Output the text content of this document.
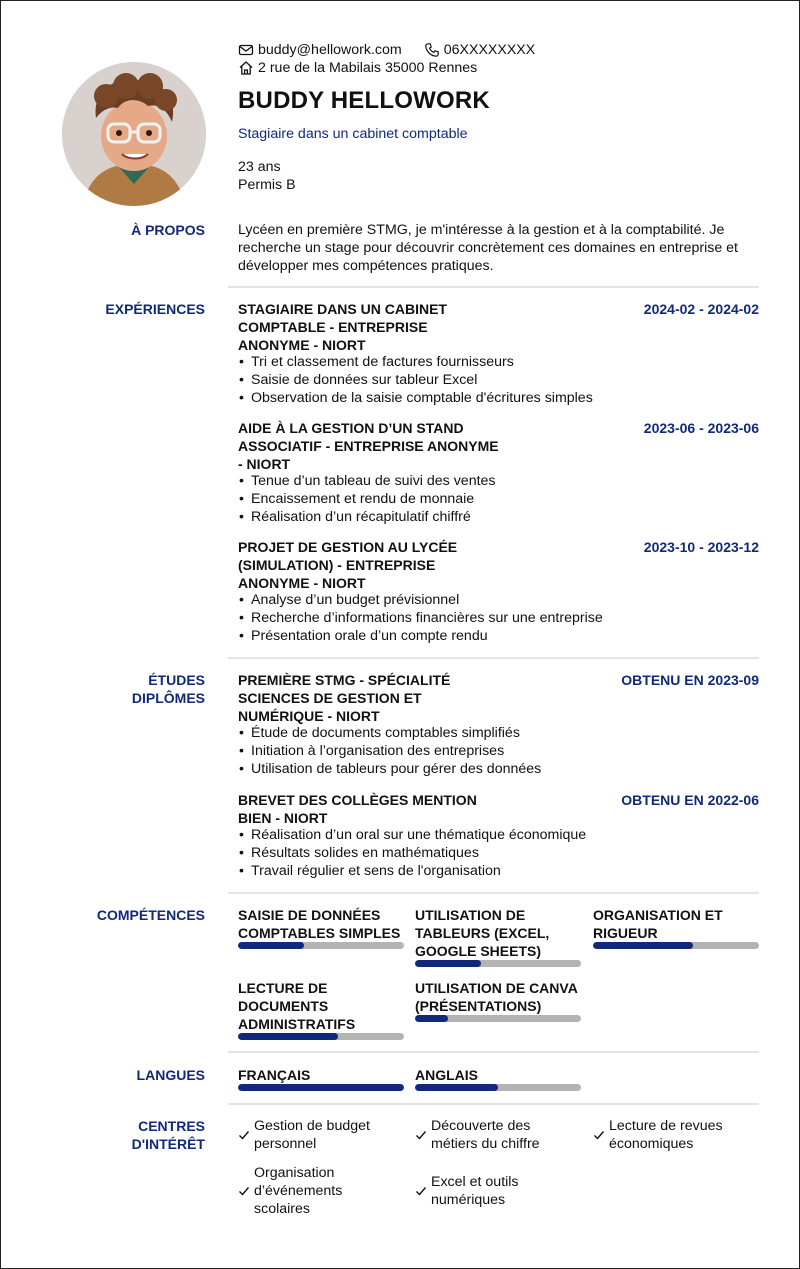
buddy@hellowork.com	06XXXXXXXX
2 rue de la Mabilais 35000 Rennes
BUDDY HELLOWORK
Stagiaire dans un cabinet comptable
23 ans
Permis B
À PROPOS Lycéen en première STMG, je m'intéresse à la gestion et à la comptabilité. Je recherche un stage pour découvrir concrètement ces domaines en entreprise et développer mes compétences pratiques.
EXPÉRIENCES STAGIAIRE DANS UN CABINET
COMPTABLE - ENTREPRISE
ANONYME - NIORT
2024-02 - 2024-02
• Tri et classement de factures fournisseurs
• Saisie de données sur tableur Excel
• Observation de la saisie comptable d'écritures simples
AIDE À LA GESTION D’UN STAND
ASSOCIATIF - ENTREPRISE ANONYME
- NIORT
2023-06 - 2023-06
• Tenue d’un tableau de suivi des ventes
• Encaissement et rendu de monnaie
• Réalisation d’un récapitulatif chiffré
PROJET DE GESTION AU LYCÉE
(SIMULATION) - ENTREPRISE
ANONYME - NIORT
2023-10 - 2023-12
• Analyse d’un budget prévisionnel
• Recherche d’informations financières sur une entreprise
• Présentation orale d’un compte rendu
ÉTUDES
DIPLÔMES
PREMIÈRE STMG - SPÉCIALITÉ
SCIENCES DE GESTION ET
NUMÉRIQUE - NIORT
OBTENU EN 2023-09
• Étude de documents comptables simplifiés
• Initiation à l’organisation des entreprises
• Utilisation de tableurs pour gérer des données
BREVET DES COLLÈGES MENTION
BIEN - NIORT
OBTENU EN 2022-06
• Réalisation d’un oral sur une thématique économique
• Résultats solides en mathématiques
• Travail régulier et sens de l'organisation
COMPÉTENCES SAISIE DE DONNÉES
COMPTABLES SIMPLES
UTILISATION DE
TABLEURS (EXCEL,
GOOGLE SHEETS)
ORGANISATION ET
RIGUEUR
LECTURE DE
DOCUMENTS
ADMINISTRATIFS
UTILISATION DE CANVA
(PRÉSENTATIONS)
LANGUES FRANÇAIS	ANGLAIS
CENTRES
D'INTÉRÊT
Gestion de budget
personnel
Découverte des
métiers du chiffre
Lecture de revues
économiques
Organisation
d’événements
scolaires
Excel et outils
numériques
